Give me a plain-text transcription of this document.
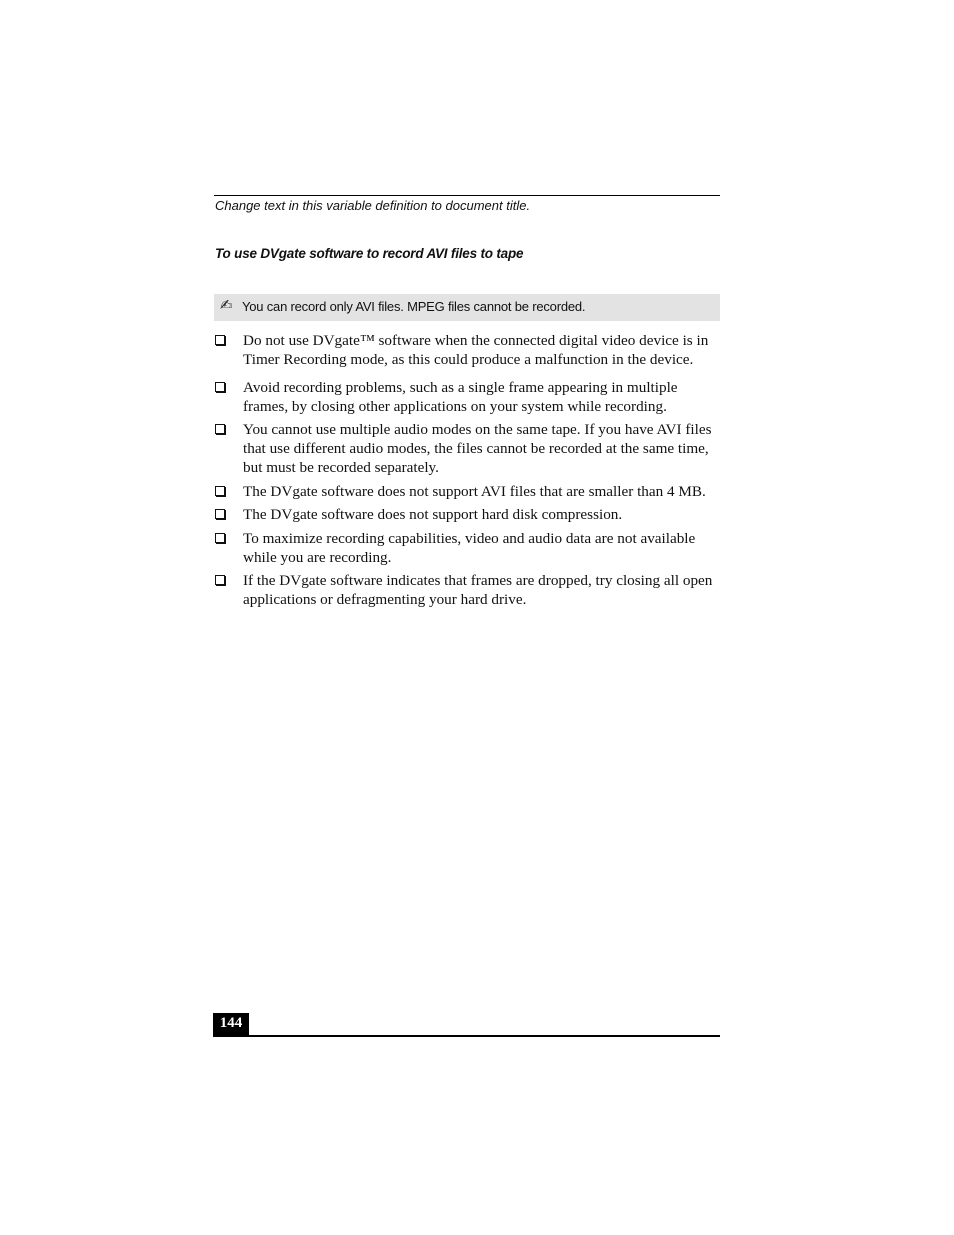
Change text in this variable definition to document title.
To use DVgate software to record AVI files to tape
✍ You can record only AVI files. MPEG files cannot be recorded.
Do not use DVgate™ software when the connected digital video device is in Timer Recording mode, as this could produce a malfunction in the device.
Avoid recording problems, such as a single frame appearing in multiple frames, by closing other applications on your system while recording.
You cannot use multiple audio modes on the same tape. If you have AVI files that use different audio modes, the files cannot be recorded at the same time, but must be recorded separately.
The DVgate software does not support AVI files that are smaller than 4 MB.
The DVgate software does not support hard disk compression.
To maximize recording capabilities, video and audio data are not available while you are recording.
If the DVgate software indicates that frames are dropped, try closing all open applications or defragmenting your hard drive.
144
